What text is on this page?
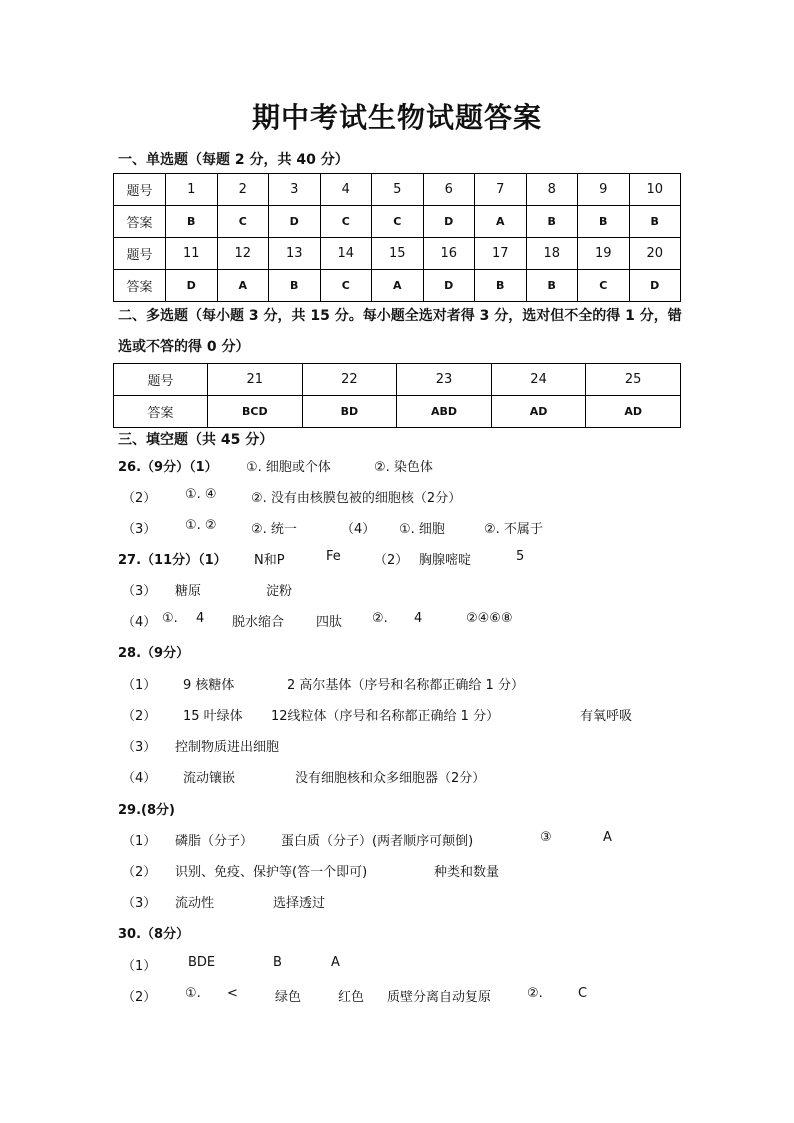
期中考试生物试题答案
一、单选题（每题 2 分，共 40 分）
题号	1	2	3	4	5	6	7	8	9	10
答案	B	C	D	C	C	D	A	B	B	B
题号	11	12	13	14	15	16	17	18	19	20
答案	D	A	B	C	A	D	B	B	C	D
二、多选题（每小题 3 分，共 15 分。每小题全选对者得 3 分，选对但不全的得 1 分，错选或不答的得 0 分）
题号	21	22	23	24	25
答案	BCD	BD	ABD	AD	AD
三、填空题（共 45 分）
26.（9分）（1） ①. 细胞或个体	②. 染色体
（2） ①. ④	②. 没有由核膜包被的细胞核（2分）
（3） ①. ②	②. 统一	（4） ①. 细胞	②. 不属于
27.（11分）（1） N和P	Fe	（2） 胸腺嘧啶	5
（3） 糖原	淀粉
（4） ①. 4 脱水缩合 四肽 ②. 4	②④⑥⑧
28.（9分）
（1） 9 核糖体	2 高尔基体（序号和名称都正确给 1 分）
（2） 15 叶绿体 12线粒体（序号和名称都正确给 1 分）	有氧呼吸
（3） 控制物质进出细胞
（4） 流动镶嵌	没有细胞核和众多细胞器（2分）
29.(8分)
（1） 磷脂（分子） 蛋白质（分子）(两者顺序可颠倒)	③	A
（2） 识别、免疫、保护等(答一个即可)	种类和数量
（3） 流动性	选择透过
30.（8分）
（1） BDE	B	A
（2） ①. <	绿色	红色 质壁分离自动复原	②.	C
